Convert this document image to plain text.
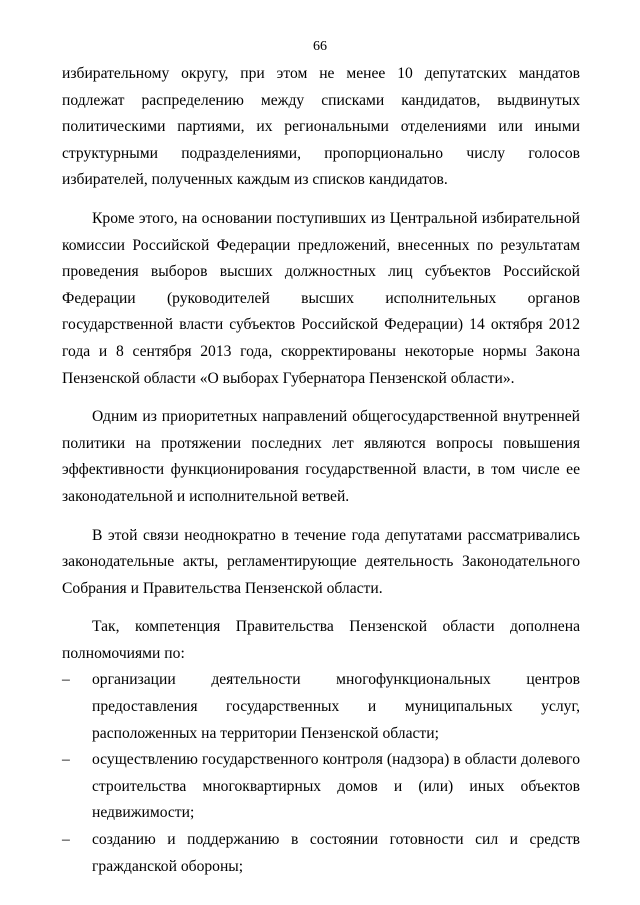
66

избирательному округу, при этом не менее 10 депутатских мандатов подлежат распределению между списками кандидатов, выдвинутых политическими партиями, их региональными отделениями или иными структурными подразделениями, пропорционально числу голосов избирателей, полученных каждым из списков кандидатов.

Кроме этого, на основании поступивших из Центральной избирательной комиссии Российской Федерации предложений, внесенных по результатам проведения выборов высших должностных лиц субъектов Российской Федерации (руководителей высших исполнительных органов государственной власти субъектов Российской Федерации) 14 октября 2012 года и 8 сентября 2013 года, скорректированы некоторые нормы Закона Пензенской области «О выборах Губернатора Пензенской области».

Одним из приоритетных направлений общегосударственной внутренней политики на протяжении последних лет являются вопросы повышения эффективности функционирования государственной власти, в том числе ее законодательной и исполнительной ветвей.

В этой связи неоднократно в течение года депутатами рассматривались законодательные акты, регламентирующие деятельность Законодательного Собрания и Правительства Пензенской области.

Так, компетенция Правительства Пензенской области дополнена полномочиями по:

– организации деятельности многофункциональных центров предоставления государственных и муниципальных услуг, расположенных на территории Пензенской области;
– осуществлению государственного контроля (надзора) в области долевого строительства многоквартирных домов и (или) иных объектов недвижимости;
– созданию и поддержанию в состоянии готовности сил и средств гражданской обороны;
